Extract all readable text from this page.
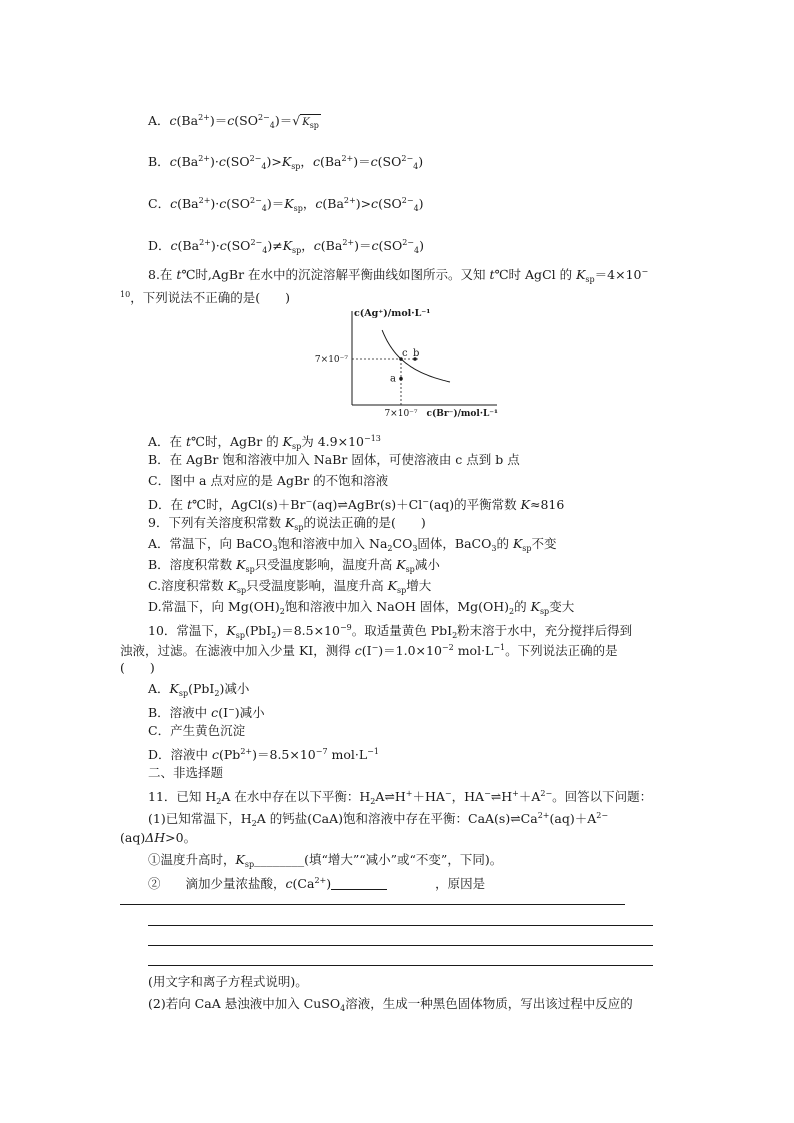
A．$c(Ba^{2+})=c(SO^{2-}_4)=√$ $K_{sp}$
B．$c(Ba^{2+})\cdot c(SO^{2-}_4)>K_{sp}$，$c(Ba^{2+})=c(SO^{2-}_4)$
C．$c(Ba^{2+})\cdot c(SO^{2-}_4)=K_{sp}$，$c(Ba^{2+})>c(SO^{2-}_4)$
D．$c(Ba^{2+})\cdot c(SO^{2-}_4)\ne K_{sp}$，$c(Ba^{2+})=c(SO^{2-}_4)$
8.在 t℃时,AgBr 在水中的沉淀溶解平衡曲线如图所示。又知 t℃时 AgCl 的 $K_{sp}=4\times 10^-$
$^{10}$，下列说法不正确的是(　　)
c b
a
7×10⁻⁷
7×10⁻⁷
c(Ag⁺)/mol·L⁻¹
c(Br⁻)/mol·L⁻¹
A．在 t℃时，AgBr 的 $K_{sp}$为 $4.9\times 10^{-13}$
B．在 AgBr 饱和溶液中加入 NaBr 固体，可使溶液由 c 点到 b 点
C．图中 a 点对应的是 AgBr 的不饱和溶液
D．在 t℃时，AgCl(s)＋Br−(aq)⇌AgBr(s)＋Cl−(aq)的平衡常数 K≈816
9．下列有关溶度积常数 $K_{sp}$的说法正确的是(　　)
A．常温下，向 BaCO$_3$饱和溶液中加入 $Na_2CO_3$固体，BaCO$_3$的 $K_{sp}$不变
B．溶度积常数 $K_{sp}$只受温度影响，温度升高 $K_{sp}$减小
C.溶度积常数 $K_{sp}$只受温度影响，温度升高 $K_{sp}$增大
D.常温下，向 $Mg(OH)_2$饱和溶液中加入 NaOH 固体，$Mg(OH)_2$的 $K_{sp}$变大
10．常温下，$K_{sp}(PbI_2)=8.5\times 10^{-9}$。取适量黄色 PbI$_2$粉末溶于水中，充分搅拌后得到
浊液，过滤。在滤液中加入少量 KI，测得 $c(I^-)=1.0\times 10^{-2}$ $mol\cdot L^{-1}$。下列说法正确的是
(　　)
A．$K_{sp}(PbI_2)$减小
B．溶液中 c(I−)减小
C．产生黄色沉淀
D．溶液中 $c(Pb^{2+})=8.5\times 10^{-7}$ $mol\cdot L^{-1}$
二、非选择题
11．已知 $H_2A$ 在水中存在以下平衡：$H_2A\rightleftharpoons H^++HA^-$，$HA^-\rightleftharpoons H^++A^{2-}$。回答以下问题：
(1)已知常温下，$H_2A$ 的钙盐(CaA)饱和溶液中存在平衡：$CaA(s)\rightleftharpoons Ca^{2+}(aq)+A^{2-}$
(aq)ΔH>0。
①温度升高时，$K_{sp}\_\_\_\_\_\_\_\_$(填“增大”“减小”或“不变”，下同)。
②　　滴加少量浓盐酸，$c(Ca^{2+})$	，原因是
(用文字和离子方程式说明)。
(2)若向 CaA 悬浊液中加入 CuSO$_4$溶液，生成一种黑色固体物质，写出该过程中反应的
